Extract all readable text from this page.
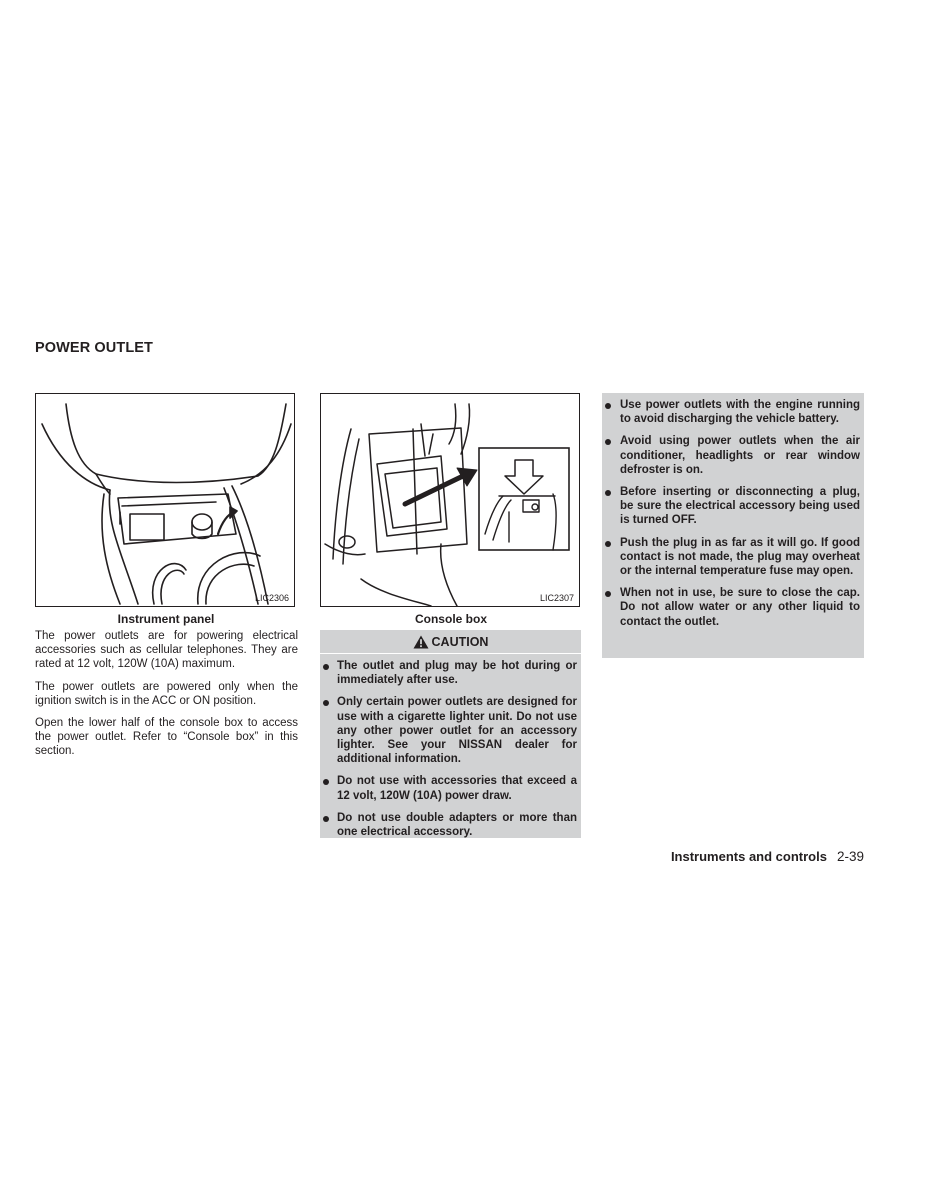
POWER OUTLET
LIC2306
Instrument panel
LIC2307
Console box

The power outlets are for powering electrical accessories such as cellular telephones. They are rated at 12 volt, 120W (10A) maximum.

The power outlets are powered only when the ignition switch is in the ACC or ON position.

Open the lower half of the console box to access the power outlet. Refer to “Console box” in this section.

CAUTION
The outlet and plug may be hot during or immediately after use.
Only certain power outlets are designed for use with a cigarette lighter unit. Do not use any other power outlet for an accessory lighter. See your NISSAN dealer for additional information.
Do not use with accessories that exceed a 12 volt, 120W (10A) power draw.
Do not use double adapters or more than one electrical accessory.
Use power outlets with the engine running to avoid discharging the vehicle battery.
Avoid using power outlets when the air conditioner, headlights or rear window defroster is on.
Before inserting or disconnecting a plug, be sure the electrical accessory being used is turned OFF.
Push the plug in as far as it will go. If good contact is not made, the plug may overheat or the internal temperature fuse may open.
When not in use, be sure to close the cap. Do not allow water or any other liquid to contact the outlet.
Instruments and controls 2-39
